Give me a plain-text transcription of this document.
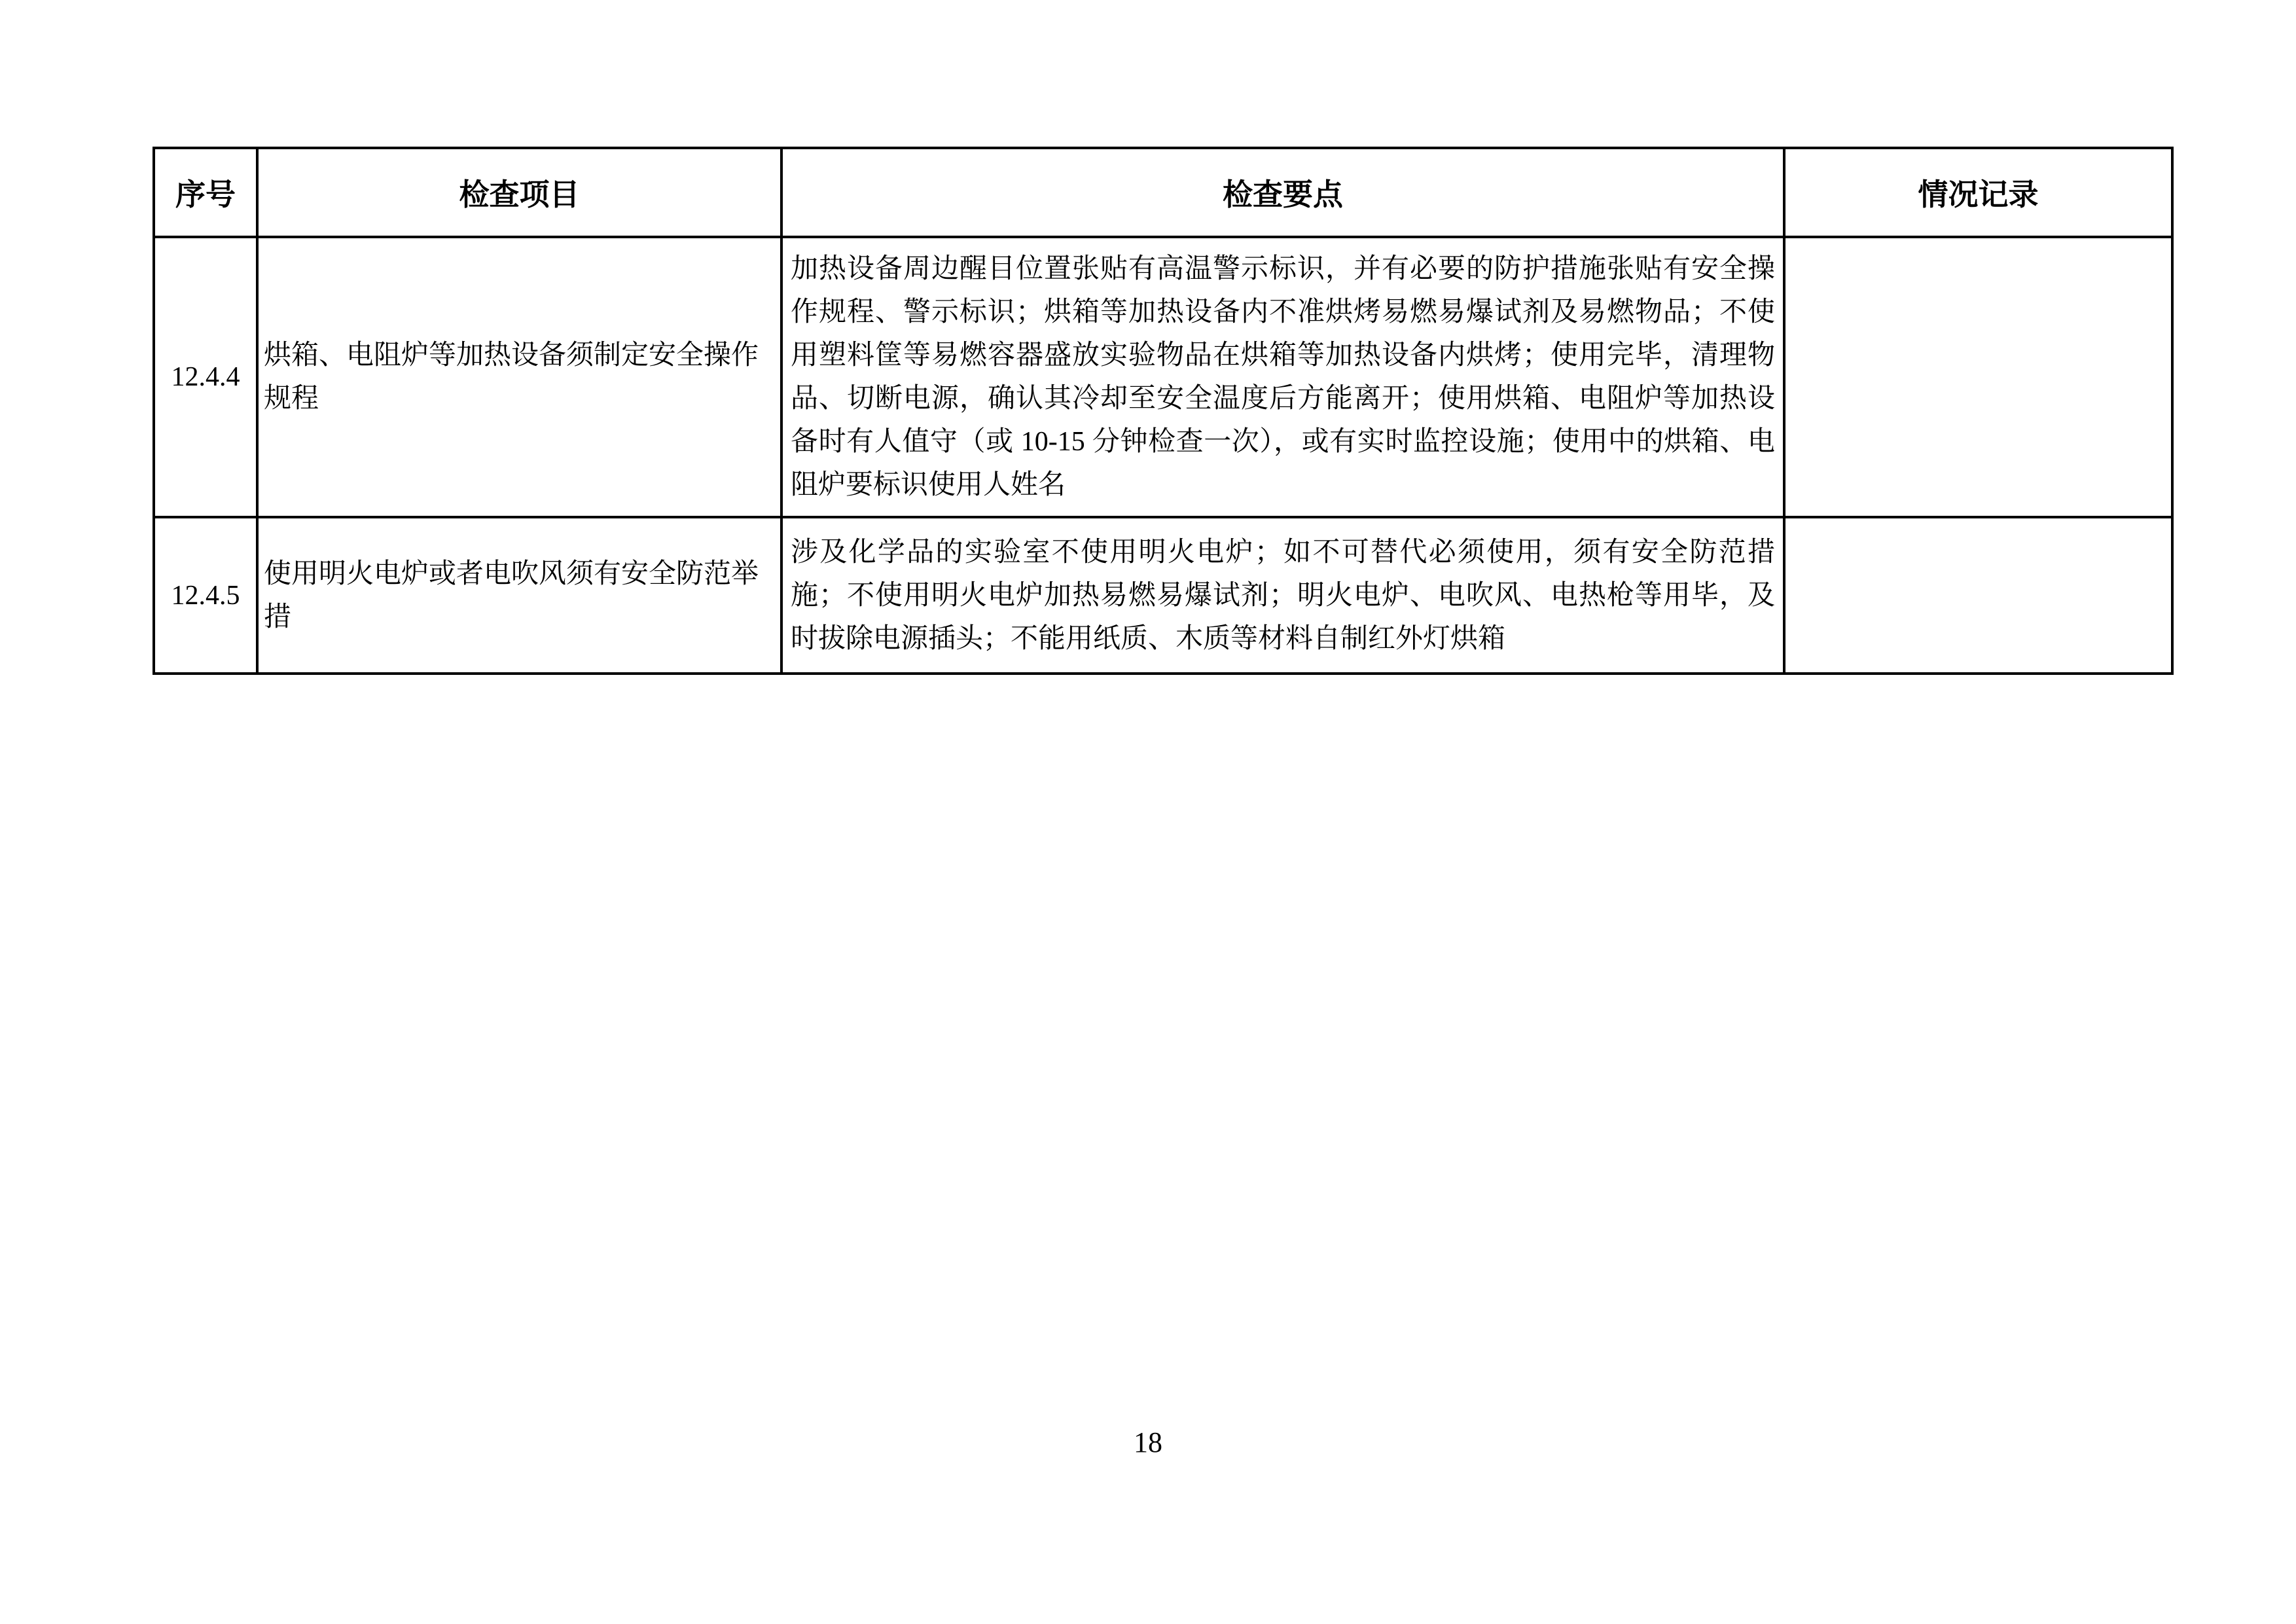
序号	检查项目	检查要点	情况记录
12.4.4	烘箱、电阻炉等加热设备须制定安全操作规程	加热设备周边醒目位置张贴有高温警示标识，并有必要的防护措施张贴有安全操作规程、警示标识；烘箱等加热设备内不准烘烤易燃易爆试剂及易燃物品；不使用塑料筐等易燃容器盛放实验物品在烘箱等加热设备内烘烤；使用完毕，清理物品、切断电源，确认其冷却至安全温度后方能离开；使用烘箱、电阻炉等加热设备时有人值守（或 10-15 分钟检查一次），或有实时监控设施；使用中的烘箱、电阻炉要标识使用人姓名	
12.4.5	使用明火电炉或者电吹风须有安全防范举措	涉及化学品的实验室不使用明火电炉；如不可替代必须使用，须有安全防范措施；不使用明火电炉加热易燃易爆试剂；明火电炉、电吹风、电热枪等用毕，及时拔除电源插头；不能用纸质、木质等材料自制红外灯烘箱	
18
